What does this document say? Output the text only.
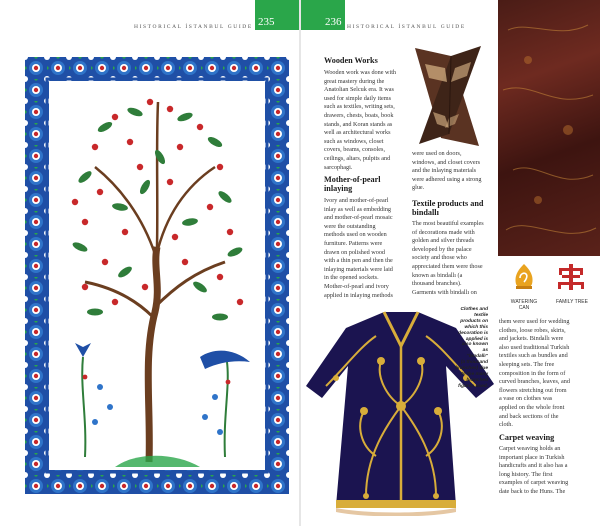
HISTORICAL İSTANBUL GUIDE 235	236 HISTORICAL İSTANBUL GUIDE
WATERING
CAN
FAMILY TREE
Clothes and
textile
products on
which this
decoration is
applied is
also known
as
"bindallı"
(a thousand
branches) due
to the many
branched
figures used.
Wooden Works
Wooden work was done with
great mastery during the
Anatolian Selcuk era. It was
used for simple daily items
such as textiles, writing sets,
drawers, chests, boats, book
stands, and Koran stands as
well as architectural works
such as windows, closet
covers, beams, consoles,
ceilings, altars, pulpits and
sarcophagi.
Mother-of-pearl
inlaying
Ivory and mother-of-pearl
inlay as well as embedding
and mother-of-pearl mosaic
were the outstanding
methods used on wooden
furniture. Patterns were
drawn on polished wood
with a thin pen and then the
inlaying materials were laid
in the opened sockets.
Mother-of-pearl and ivory
applied in inlaying methods
were used on doors,
windows, and closet covers
and the inlaying materials
were adhered using a strong
glue.
Textile products and
bindallı
The most beautiful examples
of decorations made with
golden and silver threads
developed by the palace
society and those who
appreciated them were those
known as bindallı (a
thousand branches).
Garments with bindallı on
them were used for wedding
clothes, loose robes, skirts,
and jackets. Bindallı were
also used traditional Turkish
textiles such as bundles and
sleeping sets. The free
composition in the form of
curved branches, leaves, and
flowers stretching out from
a vase on clothes was
applied on the whole front
and back sections of the
cloth.
Carpet weaving
Carpet weaving holds an
important place in Turkish
handicrafts and it also has a
long history. The first
examples of carpet weaving
date back to the Huns. The
